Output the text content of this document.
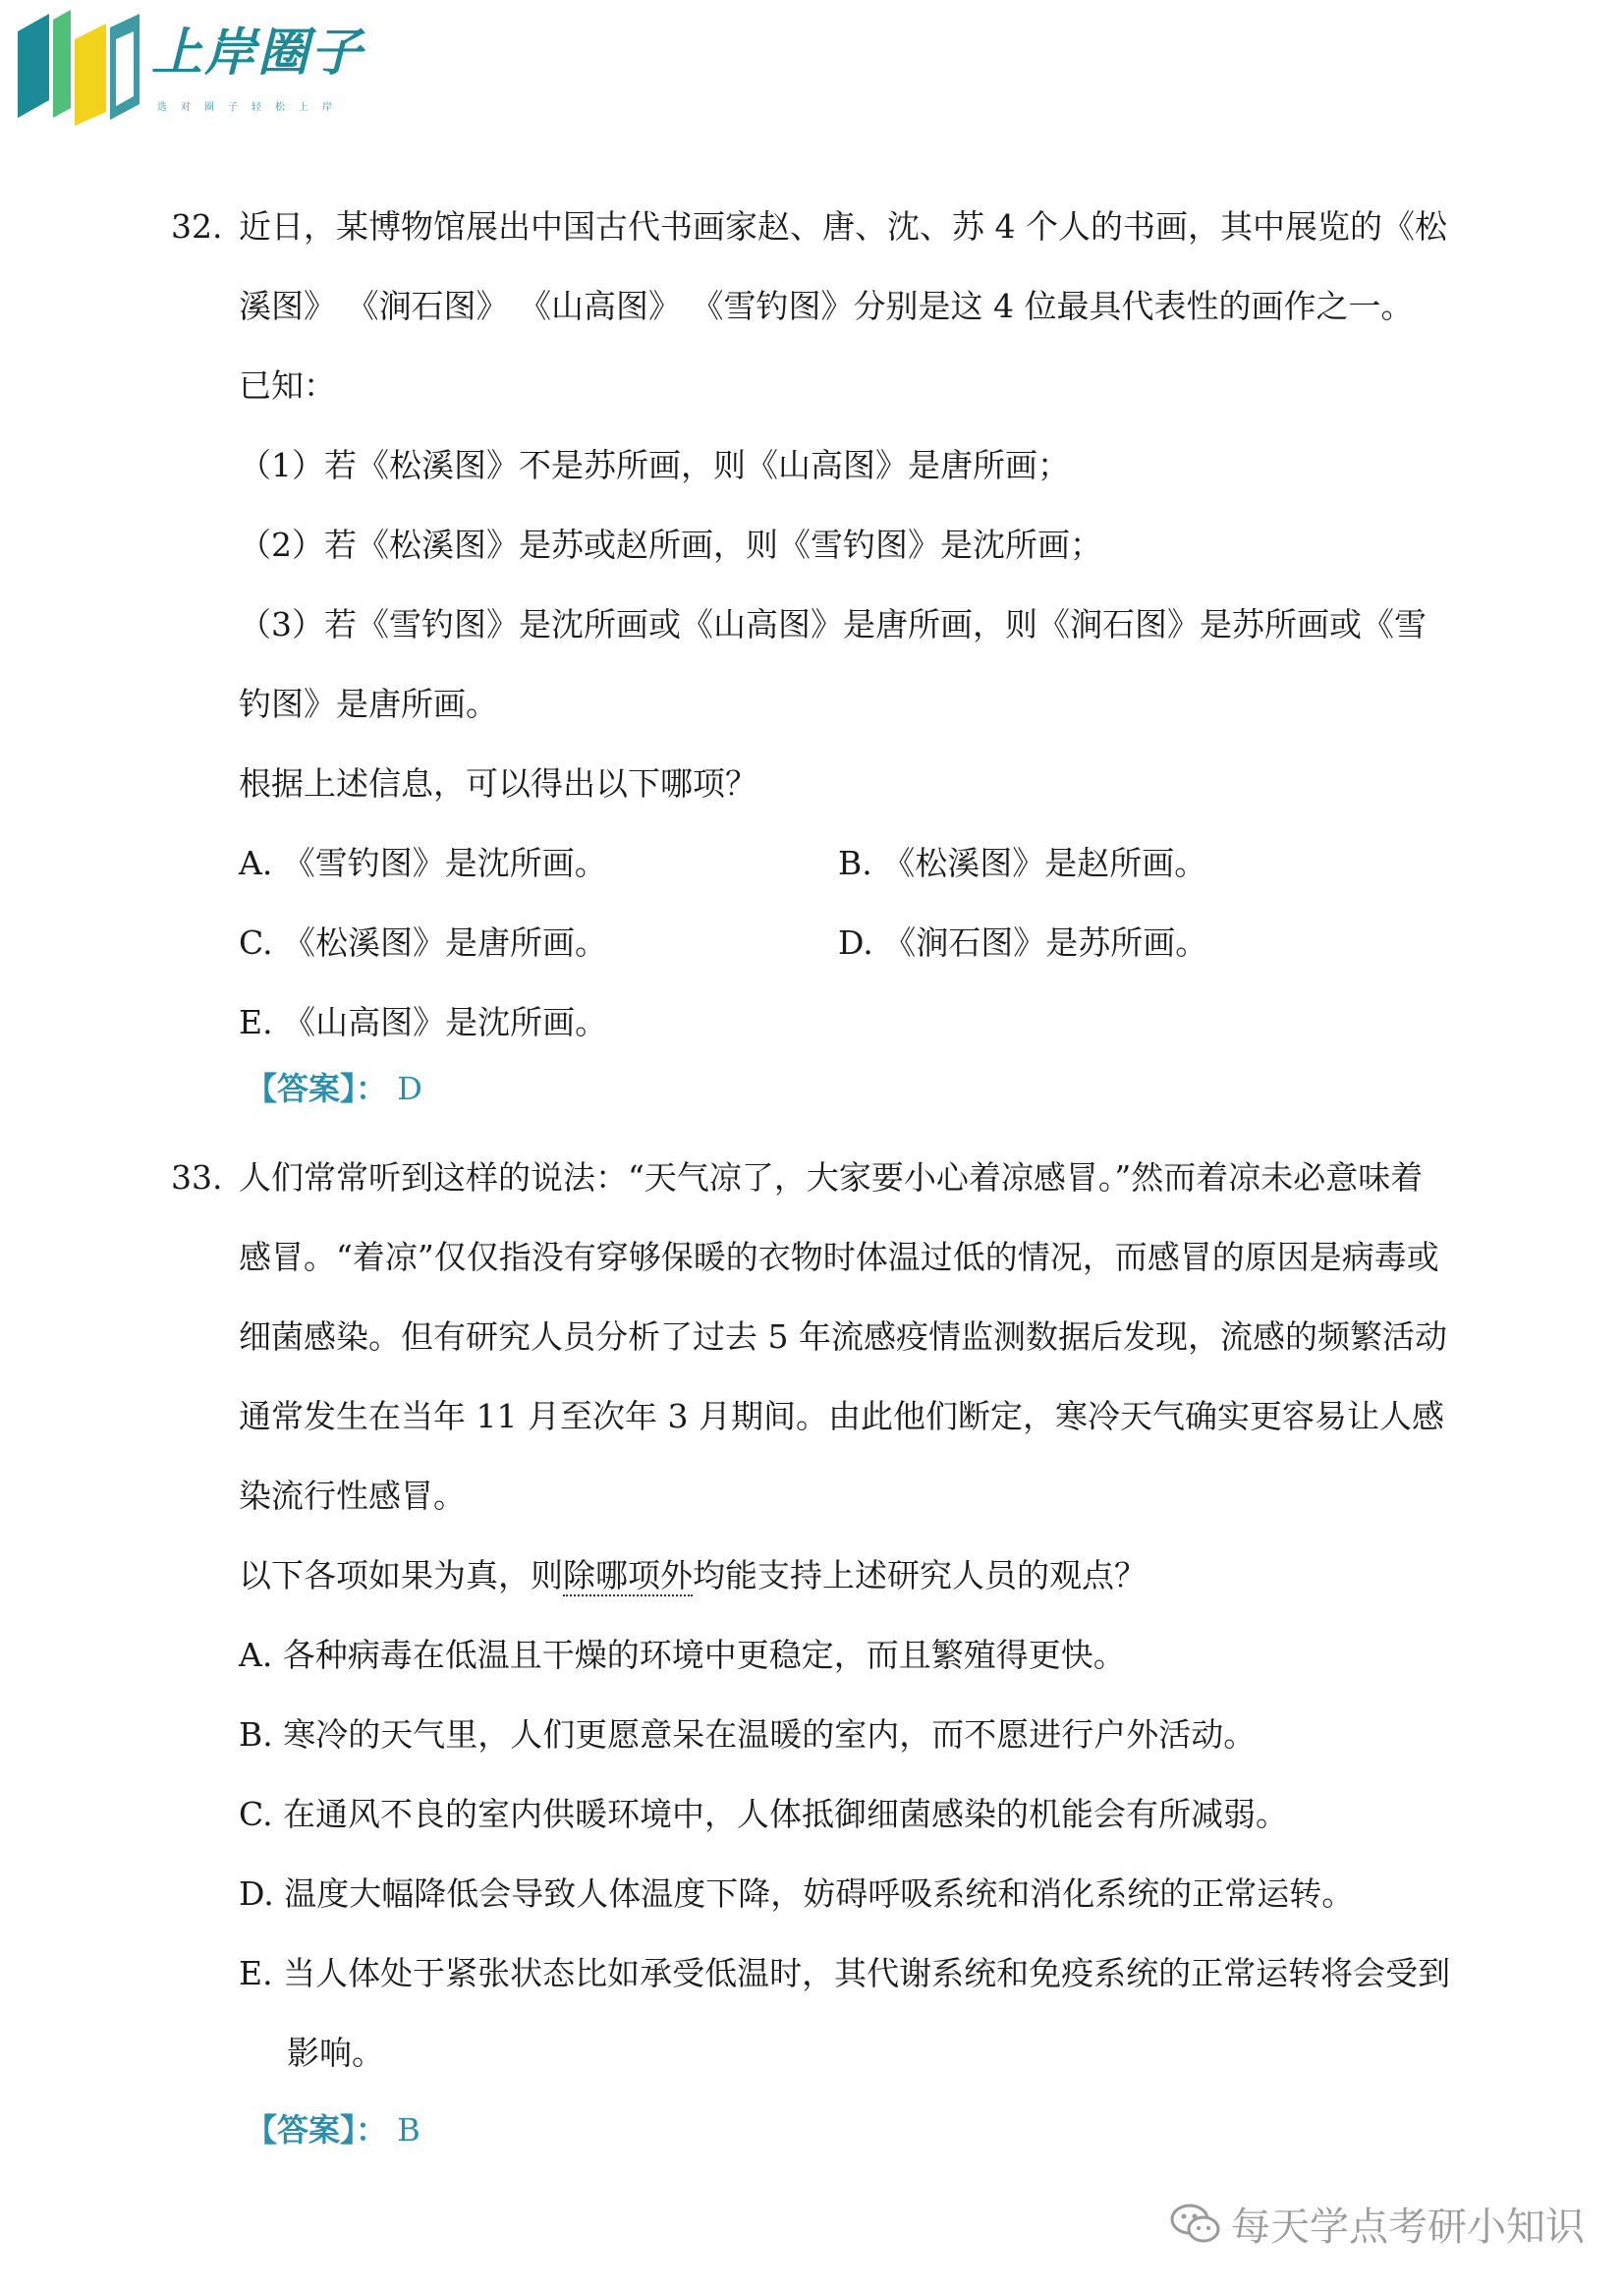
上岸圈子
选对圈子轻松上岸
32. 近日，某博物馆展出中国古代书画家赵、唐、沈、苏 4 个人的书画，其中展览的《松
溪图》 《涧石图》 《山高图》 《雪钓图》分别是这 4 位最具代表性的画作之一。
已知：
（1）若《松溪图》不是苏所画，则《山高图》是唐所画；
（2）若《松溪图》是苏或赵所画，则《雪钓图》是沈所画；
（3）若《雪钓图》是沈所画或《山高图》是唐所画，则《涧石图》是苏所画或《雪
钓图》是唐所画。
根据上述信息，可以得出以下哪项？
A. 《雪钓图》是沈所画。	B. 《松溪图》是赵所画。
C. 《松溪图》是唐所画。	D. 《涧石图》是苏所画。
E. 《山高图》是沈所画。
【答案】： D
33. 人们常常听到这样的说法：“天气凉了，大家要小心着凉感冒。”然而着凉未必意味着
感冒。“着凉”仅仅指没有穿够保暖的衣物时体温过低的情况，而感冒的原因是病毒或
细菌感染。但有研究人员分析了过去 5 年流感疫情监测数据后发现，流感的频繁活动
通常发生在当年 11 月至次年 3 月期间。由此他们断定，寒冷天气确实更容易让人感
染流行性感冒。
以下各项如果为真，则除哪项外均能支持上述研究人员的观点？
A. 各种病毒在低温且干燥的环境中更稳定，而且繁殖得更快。
B. 寒冷的天气里，人们更愿意呆在温暖的室内，而不愿进行户外活动。
C. 在通风不良的室内供暖环境中，人体抵御细菌感染的机能会有所减弱。
D. 温度大幅降低会导致人体温度下降，妨碍呼吸系统和消化系统的正常运转。
E. 当人体处于紧张状态比如承受低温时，其代谢系统和免疫系统的正常运转将会受到
影响。
【答案】： B
每天学点考研小知识
